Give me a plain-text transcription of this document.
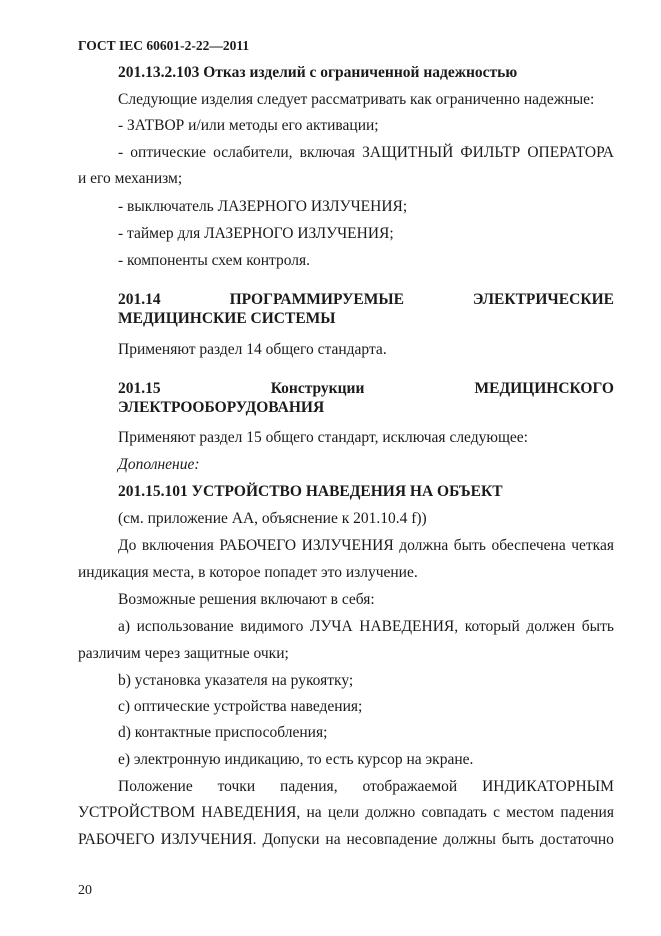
ГОСТ IEC 60601-2-22—2011
201.13.2.103 Отказ изделий с ограниченной надежностью
Следующие изделия следует рассматривать как ограниченно надежные:
- ЗАТВОР и/или методы его активации;
- оптические ослабители, включая ЗАЩИТНЫЙ ФИЛЬТР ОПЕРАТОРА
и его механизм;
- выключатель ЛАЗЕРНОГО ИЗЛУЧЕНИЯ;
- таймер для ЛАЗЕРНОГО ИЗЛУЧЕНИЯ;
- компоненты схем контроля.
201.14	ПРОГРАММИРУЕМЫЕ	ЭЛЕКТРИЧЕСКИЕ
МЕДИЦИНСКИЕ СИСТЕМЫ
Применяют раздел 14 общего стандарта.
201.15	Конструкции	МЕДИЦИНСКОГО
ЭЛЕКТРООБОРУДОВАНИЯ
Применяют раздел 15 общего стандарт, исключая следующее:
Дополнение:
201.15.101 УСТРОЙСТВО НАВЕДЕНИЯ НА ОБЪЕКТ
(см. приложение АА, объяснение к 201.10.4 f))
До включения РАБОЧЕГО ИЗЛУЧЕНИЯ должна быть обеспечена четкая
индикация места, в которое попадет это излучение.
Возможные решения включают в себя:
а) использование видимого ЛУЧА НАВЕДЕНИЯ, который должен быть
различим через защитные очки;
b) установка указателя на рукоятку;
c) оптические устройства наведения;
d) контактные приспособления;
e) электронную индикацию, то есть курсор на экране.
Положение точки падения, отображаемой ИНДИКАТОРНЫМ
УСТРОЙСТВОМ НАВЕДЕНИЯ, на цели должно совпадать с местом падения
РАБОЧЕГО ИЗЛУЧЕНИЯ. Допуски на несовпадение должны быть достаточно
20
